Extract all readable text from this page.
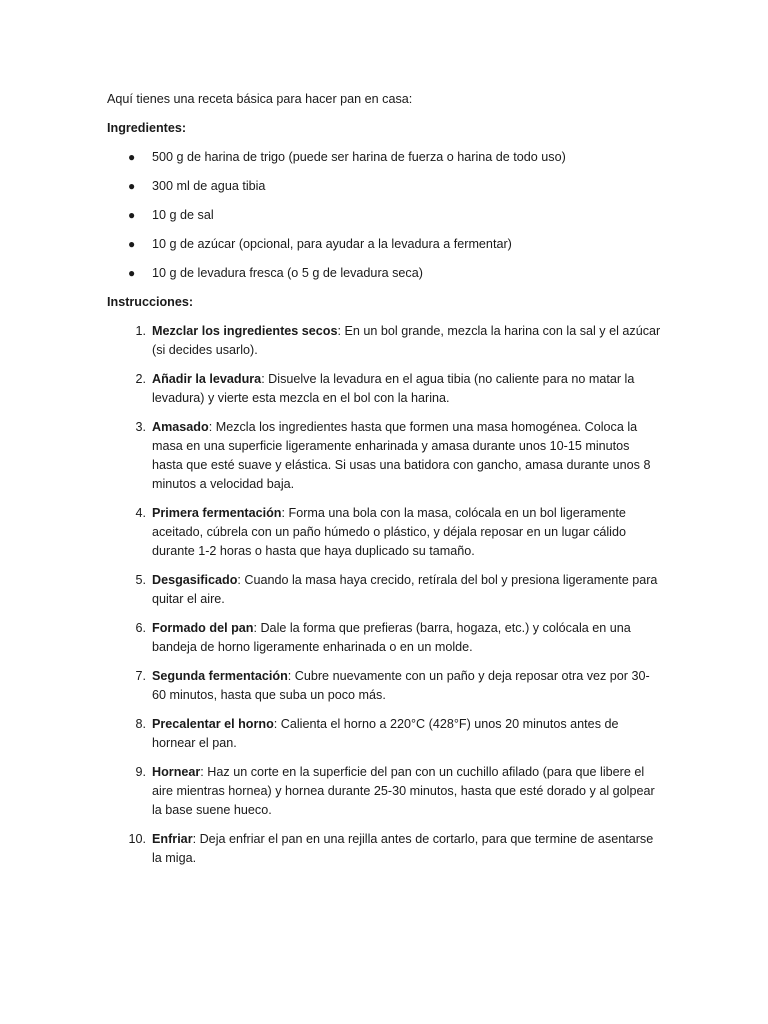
Aquí tienes una receta básica para hacer pan en casa:

Ingredientes:

● 500 g de harina de trigo (puede ser harina de fuerza o harina de todo uso)
● 300 ml de agua tibia
● 10 g de sal
● 10 g de azúcar (opcional, para ayudar a la levadura a fermentar)
● 10 g de levadura fresca (o 5 g de levadura seca)

Instrucciones:

1. Mezclar los ingredientes secos: En un bol grande, mezcla la harina con la sal y el azúcar (si decides usarlo).
2. Añadir la levadura: Disuelve la levadura en el agua tibia (no caliente para no matar la levadura) y vierte esta mezcla en el bol con la harina.
3. Amasado: Mezcla los ingredientes hasta que formen una masa homogénea. Coloca la masa en una superficie ligeramente enharinada y amasa durante unos 10-15 minutos hasta que esté suave y elástica. Si usas una batidora con gancho, amasa durante unos 8 minutos a velocidad baja.
4. Primera fermentación: Forma una bola con la masa, colócala en un bol ligeramente aceitado, cúbrela con un paño húmedo o plástico, y déjala reposar en un lugar cálido durante 1-2 horas o hasta que haya duplicado su tamaño.
5. Desgasificado: Cuando la masa haya crecido, retírala del bol y presiona ligeramente para quitar el aire.
6. Formado del pan: Dale la forma que prefieras (barra, hogaza, etc.) y colócala en una bandeja de horno ligeramente enharinada o en un molde.
7. Segunda fermentación: Cubre nuevamente con un paño y deja reposar otra vez por 30-60 minutos, hasta que suba un poco más.
8. Precalentar el horno: Calienta el horno a 220°C (428°F) unos 20 minutos antes de hornear el pan.
9. Hornear: Haz un corte en la superficie del pan con un cuchillo afilado (para que libere el aire mientras hornea) y hornea durante 25-30 minutos, hasta que esté dorado y al golpear la base suene hueco.
10. Enfriar: Deja enfriar el pan en una rejilla antes de cortarlo, para que termine de asentarse la miga.
